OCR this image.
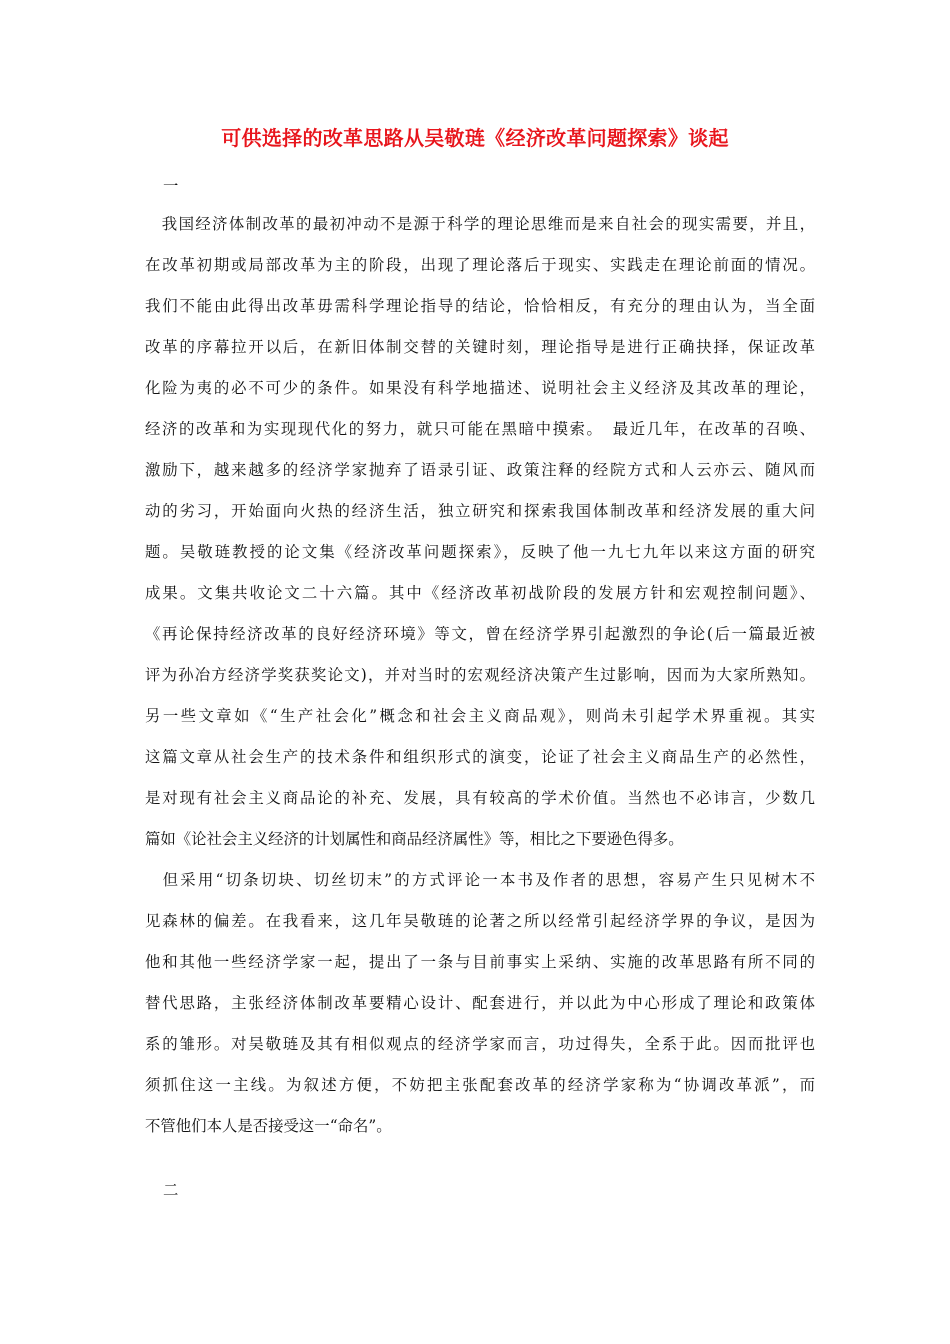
可供选择的改革思路从吴敬琏《经济改革问题探索》谈起
一
　我国经济体制改革的最初冲动不是源于科学的理论思维而是来自社会的现实需要，并且，
在改革初期或局部改革为主的阶段，出现了理论落后于现实、实践走在理论前面的情况。
我们不能由此得出改革毋需科学理论指导的结论，恰恰相反，有充分的理由认为，当全面
改革的序幕拉开以后，在新旧体制交替的关键时刻，理论指导是进行正确抉择，保证改革
化险为夷的必不可少的条件。如果没有科学地描述、说明社会主义经济及其改革的理论，
经济的改革和为实现现代化的努力，就只可能在黑暗中摸索。　最近几年，在改革的召唤、
激励下，越来越多的经济学家抛弃了语录引证、政策注释的经院方式和人云亦云、随风而
动的劣习，开始面向火热的经济生活，独立研究和探索我国体制改革和经济发展的重大问
题。吴敬琏教授的论文集《经济改革问题探索》，反映了他一九七九年以来这方面的研究
成果。文集共收论文二十六篇。其中《经济改革初战阶段的发展方针和宏观控制问题》、
《再论保持经济改革的良好经济环境》等文，曾在经济学界引起激烈的争论(后一篇最近被
评为孙冶方经济学奖获奖论文)，并对当时的宏观经济决策产生过影响，因而为大家所熟知。
另一些文章如《“生产社会化”概念和社会主义商品观》，则尚未引起学术界重视。其实
这篇文章从社会生产的技术条件和组织形式的演变，论证了社会主义商品生产的必然性，
是对现有社会主义商品论的补充、发展，具有较高的学术价值。当然也不必讳言，少数几
篇如《论社会主义经济的计划属性和商品经济属性》等，相比之下要逊色得多。
　但采用“切条切块、切丝切末”的方式评论一本书及作者的思想，容易产生只见树木不
见森林的偏差。在我看来，这几年吴敬琏的论著之所以经常引起经济学界的争议，是因为
他和其他一些经济学家一起，提出了一条与目前事实上采纳、实施的改革思路有所不同的
替代思路，主张经济体制改革要精心设计、配套进行，并以此为中心形成了理论和政策体
系的雏形。对吴敬琏及其有相似观点的经济学家而言，功过得失，全系于此。因而批评也
须抓住这一主线。为叙述方便，不妨把主张配套改革的经济学家称为“协调改革派”，而
不管他们本人是否接受这一“命名”。
二
